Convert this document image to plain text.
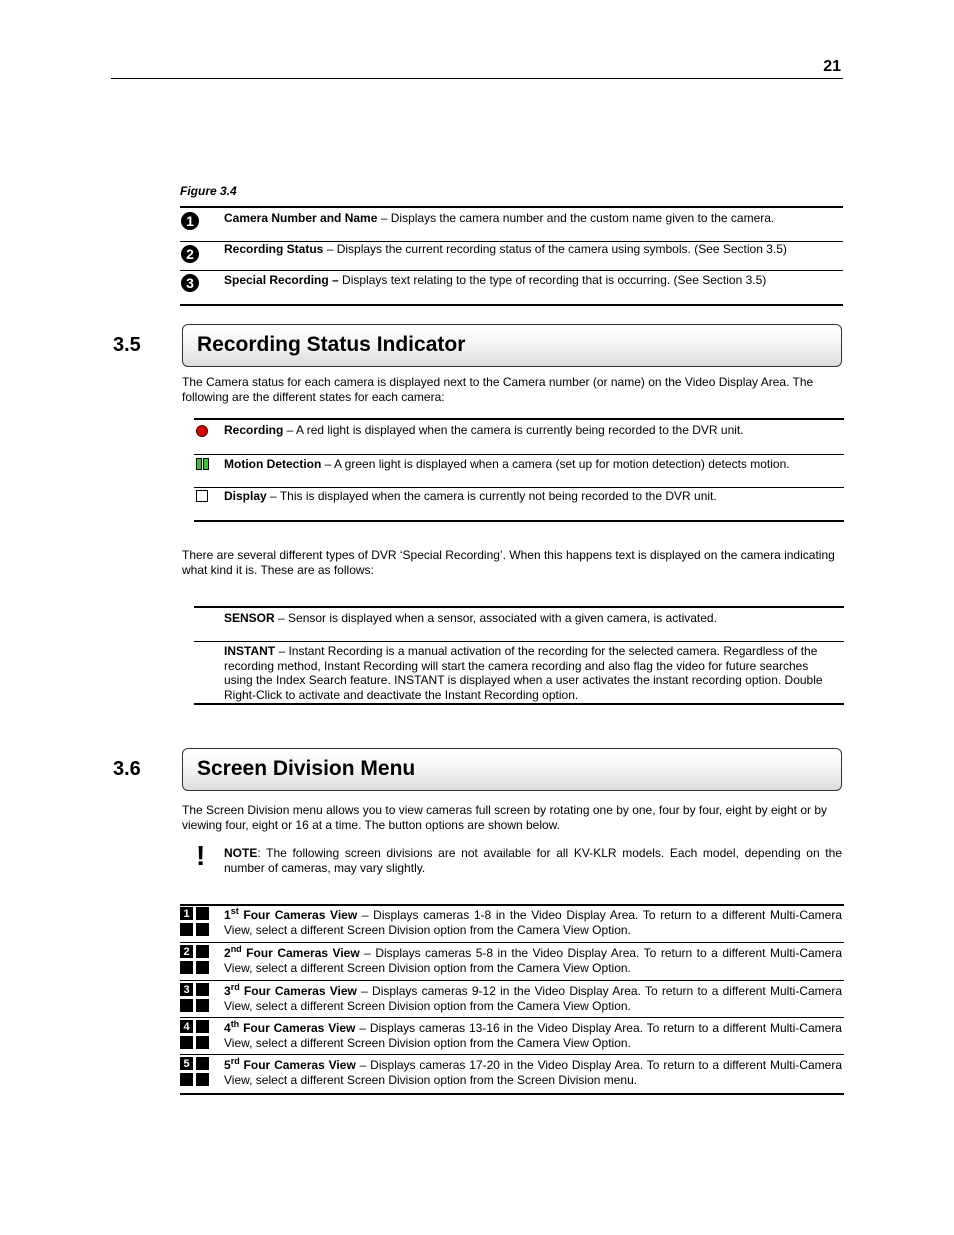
21
Figure 3.4
1	Camera Number and Name – Displays the camera number and the custom name given to the camera.
2	Recording Status – Displays the current recording status of the camera using symbols. (See Section 3.5)
3	Special Recording – Displays text relating to the type of recording that is occurring. (See Section 3.5)
3.5	Recording Status Indicator
The Camera status for each camera is displayed next to the Camera number (or name) on the Video Display Area. The following are the different states for each camera:
Recording – A red light is displayed when the camera is currently being recorded to the DVR unit.
Motion Detection – A green light is displayed when a camera (set up for motion detection) detects motion.
Display – This is displayed when the camera is currently not being recorded to the DVR unit.
There are several different types of DVR ‘Special Recording’. When this happens text is displayed on the camera indicating what kind it is. These are as follows:
SENSOR – Sensor is displayed when a sensor, associated with a given camera, is activated.
INSTANT – Instant Recording is a manual activation of the recording for the selected camera. Regardless of the recording method, Instant Recording will start the camera recording and also flag the video for future searches using the Index Search feature. INSTANT is displayed when a user activates the instant recording option. Double Right-Click to activate and deactivate the Instant Recording option.
3.6	Screen Division Menu
The Screen Division menu allows you to view cameras full screen by rotating one by one, four by four, eight by eight or by viewing four, eight or 16 at a time. The button options are shown below.
! NOTE: The following screen divisions are not available for all KV-KLR models. Each model, depending on the number of cameras, may vary slightly.
1	1st Four Cameras View – Displays cameras 1-8 in the Video Display Area. To return to a different Multi-Camera View, select a different Screen Division option from the Camera View Option.
2	2nd Four Cameras View – Displays cameras 5-8 in the Video Display Area. To return to a different Multi-Camera View, select a different Screen Division option from the Camera View Option.
3	3rd Four Cameras View – Displays cameras 9-12 in the Video Display Area. To return to a different Multi-Camera View, select a different Screen Division option from the Camera View Option.
4	4th Four Cameras View – Displays cameras 13-16 in the Video Display Area. To return to a different Multi-Camera View, select a different Screen Division option from the Camera View Option.
5	5rd Four Cameras View – Displays cameras 17-20 in the Video Display Area. To return to a different Multi-Camera View, select a different Screen Division option from the Screen Division menu.
